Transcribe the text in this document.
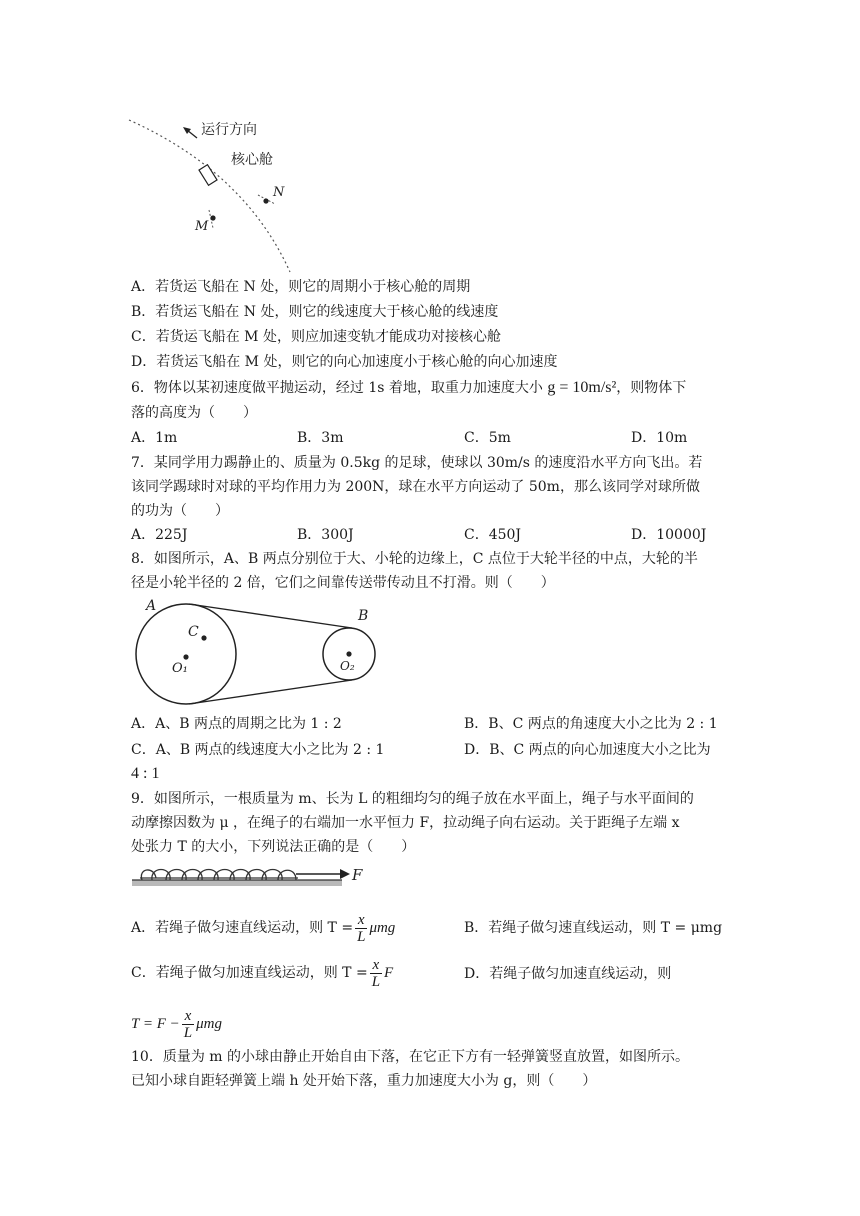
运行方向
核心舱
N
M
A．若货运飞船在 N 处，则它的周期小于核心舱的周期
B．若货运飞船在 N 处，则它的线速度大于核心舱的线速度
C．若货运飞船在 M 处，则应加速变轨才能成功对接核心舱
D．若货运飞船在 M 处，则它的向心加速度小于核心舱的向心加速度
6．物体以某初速度做平抛运动，经过 1s 着地，取重力加速度大小 g = 10m/s²，则物体下
落的高度为（　　）
A．1m	B．3m	C．5m	D．10m
7．某同学用力踢静止的、质量为 0.5kg 的足球，使球以 30m/s 的速度沿水平方向飞出。若
该同学踢球时对球的平均作用力为 200N，球在水平方向运动了 50m，那么该同学对球所做
的功为（　　）
A．225J	B．300J	C．450J	D．10000J
8．如图所示，A、B 两点分别位于大、小轮的边缘上，C 点位于大轮半径的中点，大轮的半
径是小轮半径的 2 倍，它们之间靠传送带传动且不打滑。则（　　）
A
B
C
O₁	O₂
A．A、B 两点的周期之比为 1 : 2	B．B、C 两点的角速度大小之比为 2 : 1
C．A、B 两点的线速度大小之比为 2 : 1	D．B、C 两点的向心加速度大小之比为
4 : 1
9．如图所示，一根质量为 m、长为 L 的粗细均匀的绳子放在水平面上，绳子与水平面间的
动摩擦因数为 μ ，在绳子的右端加一水平恒力 F，拉动绳子向右运动。关于距绳子左端 x
处张力 T 的大小，下列说法正确的是（　　）
F
A．若绳子做匀速直线运动，则 $T = \frac{x}{L}$ μmg	B．若绳子做匀速直线运动，则 T = μmg
C．若绳子做匀加速直线运动，则 $T = \frac{x}{L}$ F	D．若绳子做匀加速直线运动，则
$T = F - \frac{x}{L}$ μmg
10．质量为 m 的小球由静止开始自由下落，在它正下方有一轻弹簧竖直放置，如图所示。
已知小球自距轻弹簧上端 h 处开始下落，重力加速度大小为 g，则（　　）
